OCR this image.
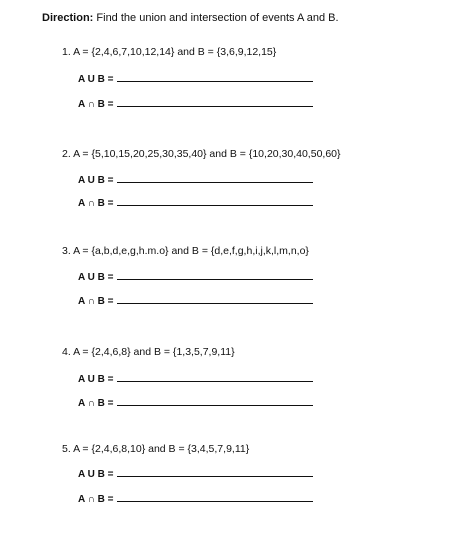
Direction: Find the union and intersection of events A and B.
1. A = {2,4,6,7,10,12,14} and B = {3,6,9,12,15}
A U B =
A ∩ B =
2. A = {5,10,15,20,25,30,35,40} and B = {10,20,30,40,50,60}
A U B =
A ∩ B =
3. A = {a,b,d,e,g,h.m.o} and B = {d,e,f,g,h,i,j,k,l,m,n,o}
A U B =
A ∩ B =
4. A = {2,4,6,8} and B = {1,3,5,7,9,11}
A U B =
A ∩ B =
5. A = {2,4,6,8,10} and B = {3,4,5,7,9,11}
A U B =
A ∩ B =
